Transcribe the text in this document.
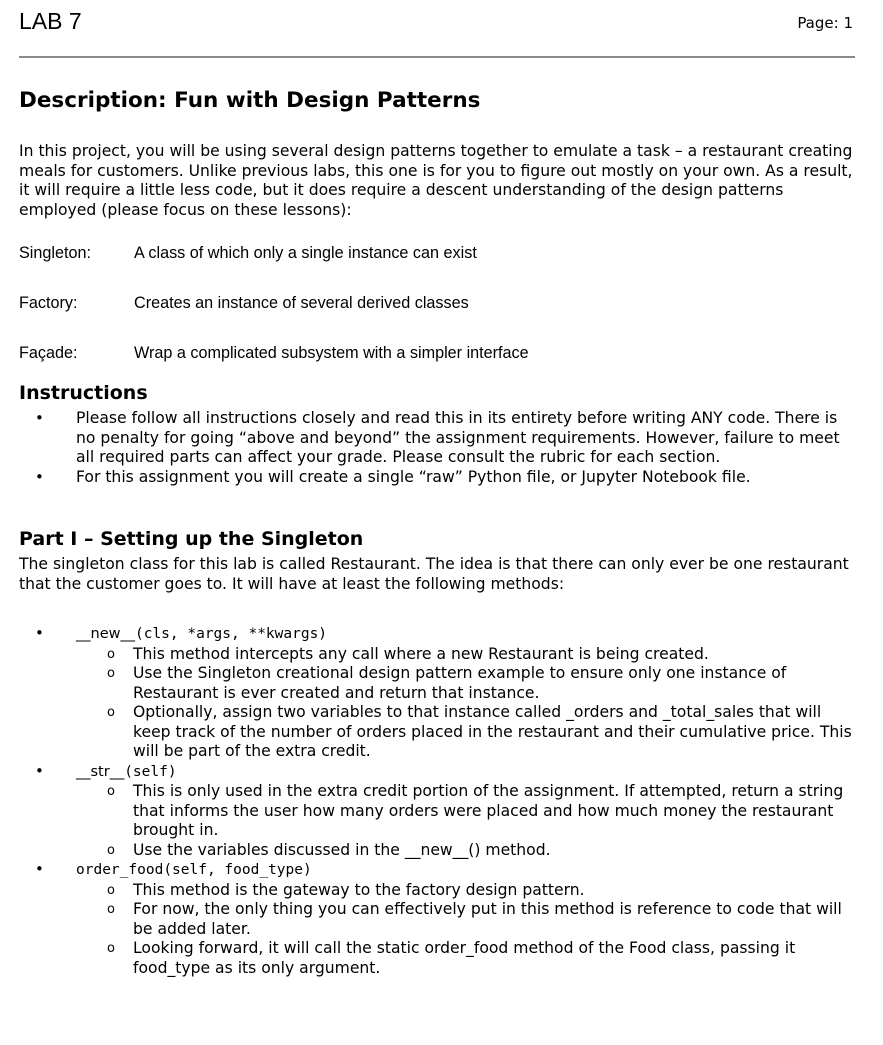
LAB 7	Page: 1
Description: Fun with Design Patterns

In this project, you will be using several design patterns together to emulate a task – a restaurant creating meals for customers. Unlike previous labs, this one is for you to figure out mostly on your own. As a result, it will require a little less code, but it does require a descent understanding of the design patterns employed (please focus on these lessons):

Singleton:	A class of which only a single instance can exist
Factory:	Creates an instance of several derived classes
Façade:	Wrap a complicated subsystem with a simpler interface
Instructions
• Please follow all instructions closely and read this in its entirety before writing ANY code. There is no penalty for going “above and beyond” the assignment requirements. However, failure to meet all required parts can affect your grade. Please consult the rubric for each section.
• For this assignment you will create a single “raw” Python file, or Jupyter Notebook file.
Part I – Setting up the Singleton

The singleton class for this lab is called Restaurant. The idea is that there can only ever be one restaurant that the customer goes to. It will have at least the following methods:

• __new__(cls, *args, **kwargs)
o This method intercepts any call where a new Restaurant is being created.
o Use the Singleton creational design pattern example to ensure only one instance of Restaurant is ever created and return that instance.
o Optionally, assign two variables to that instance called _orders and _total_sales that will keep track of the number of orders placed in the restaurant and their cumulative price. This will be part of the extra credit.
• __str__(self)
o This is only used in the extra credit portion of the assignment. If attempted, return a string that informs the user how many orders were placed and how much money the restaurant brought in.
o Use the variables discussed in the __new__() method.
• order_food(self, food_type)
o This method is the gateway to the factory design pattern.
o For now, the only thing you can effectively put in this method is reference to code that will be added later.
o Looking forward, it will call the static order_food method of the Food class, passing it food_type as its only argument.
